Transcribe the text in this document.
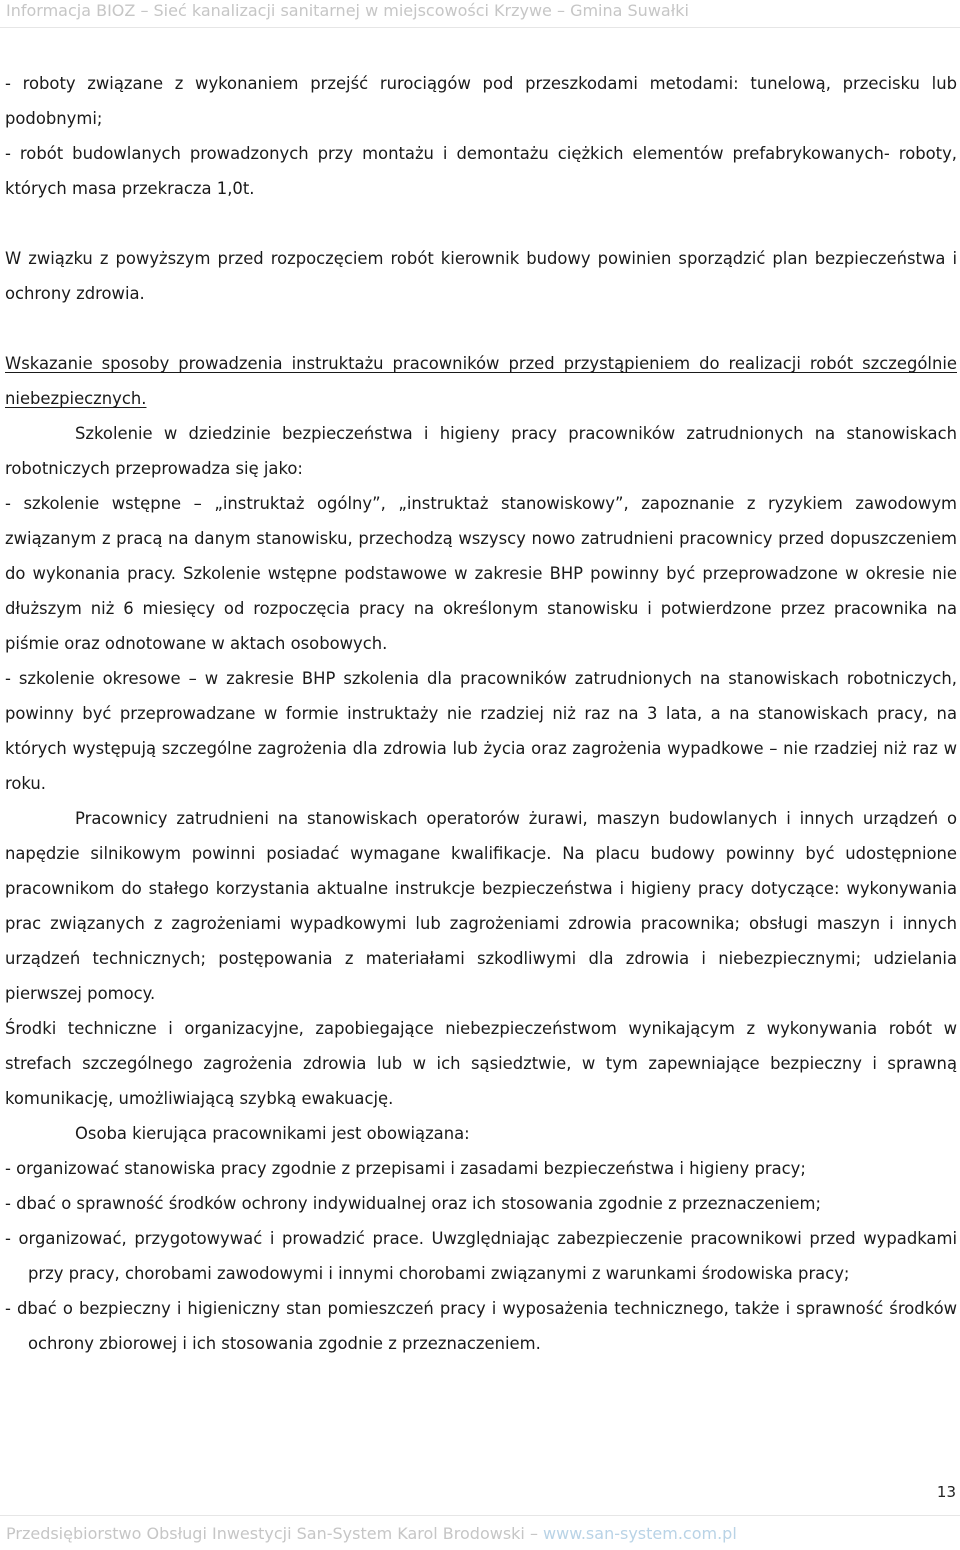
Informacja BIOZ – Sieć kanalizacji sanitarnej w miejscowości Krzywe – Gmina Suwałki

- roboty związane z wykonaniem przejść rurociągów pod przeszkodami metodami: tunelową, przecisku lub podobnymi;

- robót budowlanych prowadzonych przy montażu i demontażu ciężkich elementów prefabrykowanych- roboty, których masa przekracza 1,0t.

W związku z powyższym przed rozpoczęciem robót kierownik budowy powinien sporządzić plan bezpieczeństwa i ochrony zdrowia.

Wskazanie sposoby prowadzenia instruktażu pracowników przed przystąpieniem do realizacji robót szczególnie niebezpiecznych.

Szkolenie w dziedzinie bezpieczeństwa i higieny pracy pracowników zatrudnionych na stanowiskach robotniczych przeprowadza się jako:

- szkolenie wstępne – „instruktaż ogólny”, „instruktaż stanowiskowy”, zapoznanie z ryzykiem zawodowym związanym z pracą na danym stanowisku, przechodzą wszyscy nowo zatrudnieni pracownicy przed dopuszczeniem do wykonania pracy. Szkolenie wstępne podstawowe w zakresie BHP powinny być przeprowadzone w okresie nie dłuższym niż 6 miesięcy od rozpoczęcia pracy na określonym stanowisku i potwierdzone przez pracownika na piśmie oraz odnotowane w aktach osobowych.

- szkolenie okresowe – w zakresie BHP szkolenia dla pracowników zatrudnionych na stanowiskach robotniczych, powinny być przeprowadzane w formie instruktaży nie rzadziej niż raz na 3 lata, a na stanowiskach pracy, na których występują szczególne zagrożenia dla zdrowia lub życia oraz zagrożenia wypadkowe – nie rzadziej niż raz w roku.

Pracownicy zatrudnieni na stanowiskach operatorów żurawi, maszyn budowlanych i innych urządzeń o napędzie silnikowym powinni posiadać wymagane kwalifikacje. Na placu budowy powinny być udostępnione pracownikom do stałego korzystania aktualne instrukcje bezpieczeństwa i higieny pracy dotyczące: wykonywania prac związanych z zagrożeniami wypadkowymi lub zagrożeniami zdrowia pracownika; obsługi maszyn i innych urządzeń technicznych; postępowania z materiałami szkodliwymi dla zdrowia i niebezpiecznymi; udzielania pierwszej pomocy.

Środki techniczne i organizacyjne, zapobiegające niebezpieczeństwom wynikającym z wykonywania robót w strefach szczególnego zagrożenia zdrowia lub w ich sąsiedztwie, w tym zapewniające bezpieczny i sprawną komunikację, umożliwiającą szybką ewakuację.

Osoba kierująca pracownikami jest obowiązana:

- organizować stanowiska pracy zgodnie z przepisami i zasadami bezpieczeństwa i higieny pracy;

- dbać o sprawność środków ochrony indywidualnej oraz ich stosowania zgodnie z przeznaczeniem;

- organizować, przygotowywać i prowadzić prace. Uwzględniając zabezpieczenie pracownikowi przed wypadkami przy pracy, chorobami zawodowymi i innymi chorobami związanymi z warunkami środowiska pracy;

- dbać o bezpieczny i higieniczny stan pomieszczeń pracy i wyposażenia technicznego, także i sprawność środków ochrony zbiorowej i ich stosowania zgodnie z przeznaczeniem.

13
Przedsiębiorstwo Obsługi Inwestycji San-System Karol Brodowski – www.san-system.com.pl
